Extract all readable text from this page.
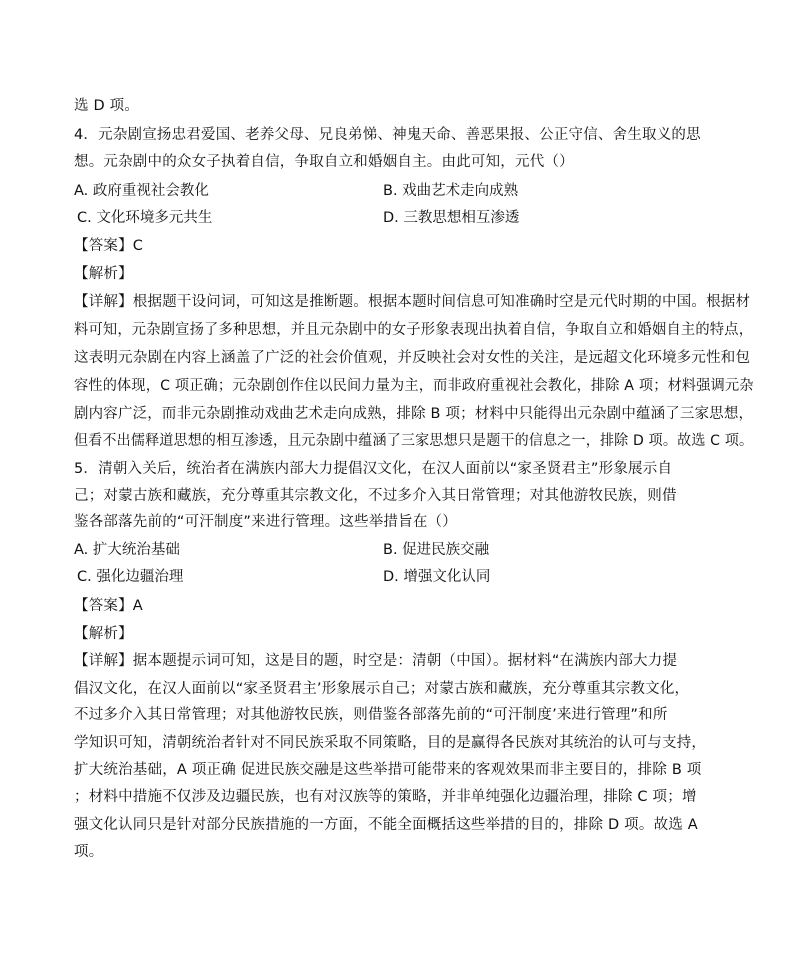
选 D 项。
4．元杂剧宣扬忠君爱国、老养父母、兄良弟悌、神鬼天命、善恶果报、公正守信、舍生取义的思
想。元杂剧中的众女子执着自信，争取自立和婚姻自主。由此可知，元代（）
A. 政府重视社会教化	B. 戏曲艺术走向成熟
C. 文化环境多元共生	D. 三教思想相互渗透
【答案】C
【解析】
【详解】根据题干设问词，可知这是推断题。根据本题时间信息可知准确时空是元代时期的中国。根据材
料可知，元杂剧宣扬了多种思想，并且元杂剧中的女子形象表现出执着自信，争取自立和婚姻自主的特点，
这表明元杂剧在内容上涵盖了广泛的社会价值观，并反映社会对女性的关注，是远超文化环境多元性和包
容性的体现，C 项正确；元杂剧创作住以民间力量为主，而非政府重视社会教化，排除 A 项；材料强调元杂
剧内容广泛，而非元杂剧推动戏曲艺术走向成熟，排除 B 项；材料中只能得出元杂剧中蕴涵了三家思想，
但看不出儒释道思想的相互渗透，且元杂剧中蕴涵了三家思想只是题干的信息之一，排除 D 项。故选 C 项。
5．清朝入关后，统治者在满族内部大力提倡汉文化，在汉人面前以“家圣贤君主”形象展示自
己；对蒙古族和藏族，充分尊重其宗教文化，不过多介入其日常管理；对其他游牧民族，则借
鉴各部落先前的“可汗制度”来进行管理。这些举措旨在（）
A. 扩大统治基础	B. 促进民族交融
C. 强化边疆治理	D. 增强文化认同
【答案】A
【解析】
【详解】据本题提示词可知，这是目的题，时空是：清朝（中国）。据材料“在满族内部大力提
倡汉文化，在汉人面前以“家圣贤君主’形象展示自己；对蒙古族和藏族，充分尊重其宗教文化，
不过多介入其日常管理；对其他游牧民族，则借鉴各部落先前的“可汗制度’来进行管理”和所
学知识可知，清朝统治者针对不同民族采取不同策略，目的是赢得各民族对其统治的认可与支持，
扩大统治基础，A 项正确 促进民族交融是这些举措可能带来的客观效果而非主要目的，排除 B 项
；材料中措施不仅涉及边疆民族，也有对汉族等的策略，并非单纯强化边疆治理，排除 C 项；增
强文化认同只是针对部分民族措施的一方面，不能全面概括这些举措的目的，排除 D 项。故选 A
项。
